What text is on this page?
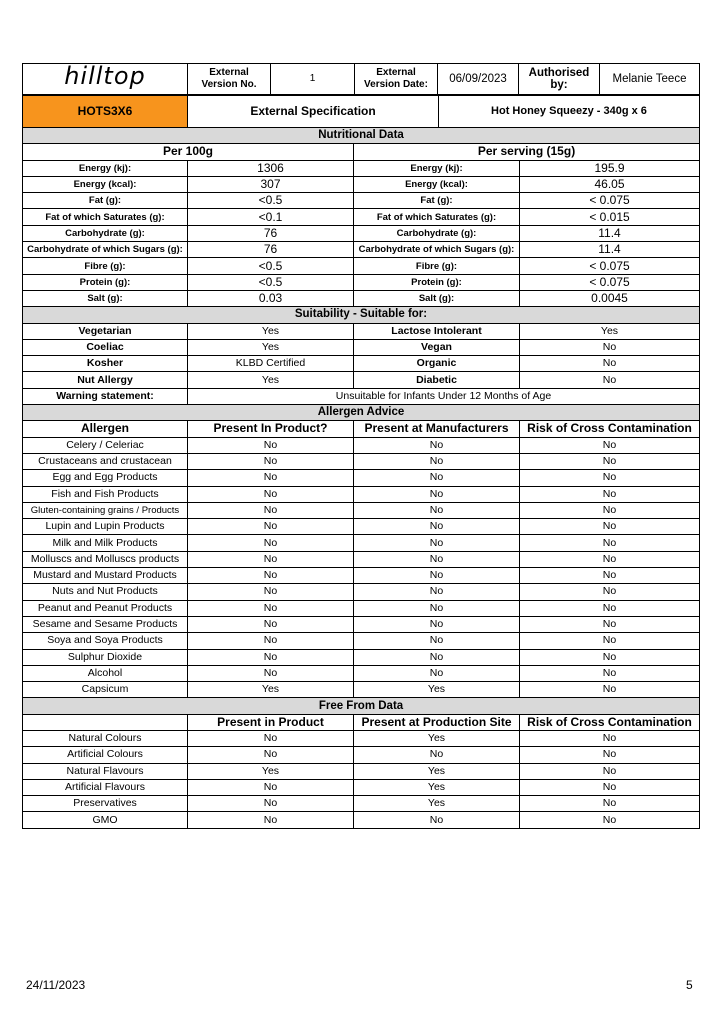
hilltop	External Version No.	1	External Version Date:	06/09/2023	Authorised by:	Melanie Teece
HOTS3X6	External Specification	Hot Honey Squeezy - 340g x 6
Nutritional Data			
Per 100g		Per serving (15g)	
Energy (kj):	1306	Energy (kj):	195.9
Energy (kcal):	307	Energy (kcal):	46.05
Fat (g):	<0.5	Fat (g):	< 0.075
Fat of which Saturates (g):	<0.1	Fat of which Saturates (g):	< 0.015
Carbohydrate (g):	76	Carbohydrate (g):	11.4
Carbohydrate of which Sugars (g):	76	Carbohydrate of which Sugars (g):	11.4
Fibre (g):	<0.5	Fibre (g):	< 0.075
Protein (g):	<0.5	Protein (g):	< 0.075
Salt (g):	0.03	Salt (g):	0.0045
Suitability - Suitable for:			
Vegetarian	Yes	Lactose Intolerant	Yes
Coeliac	Yes	Vegan	No
Kosher	KLBD Certified	Organic	No
Nut Allergy	Yes	Diabetic	No
Warning statement:	Unsuitable for Infants Under 12 Months of Age		
Allergen Advice			
Allergen	Present In Product?	Present at Manufacturers	Risk of Cross Contamination
Celery / Celeriac	No	No	No
Crustaceans and crustacean	No	No	No
Egg and Egg Products	No	No	No
Fish and Fish Products	No	No	No
Gluten-containing grains / Products	No	No	No
Lupin and Lupin Products	No	No	No
Milk and Milk Products	No	No	No
Molluscs and Molluscs products	No	No	No
Mustard and Mustard Products	No	No	No
Nuts and Nut Products	No	No	No
Peanut and Peanut Products	No	No	No
Sesame and Sesame Products	No	No	No
Soya and Soya Products	No	No	No
Sulphur Dioxide	No	No	No
Alcohol	No	No	No
Capsicum	Yes	Yes	No
Free From Data			
	Present in Product	Present at Production Site	Risk of Cross Contamination
Natural Colours	No	Yes	No
Artificial Colours	No	No	No
Natural Flavours	Yes	Yes	No
Artificial Flavours	No	Yes	No
Preservatives	No	Yes	No
GMO	No	No	No
24/11/2023	5
